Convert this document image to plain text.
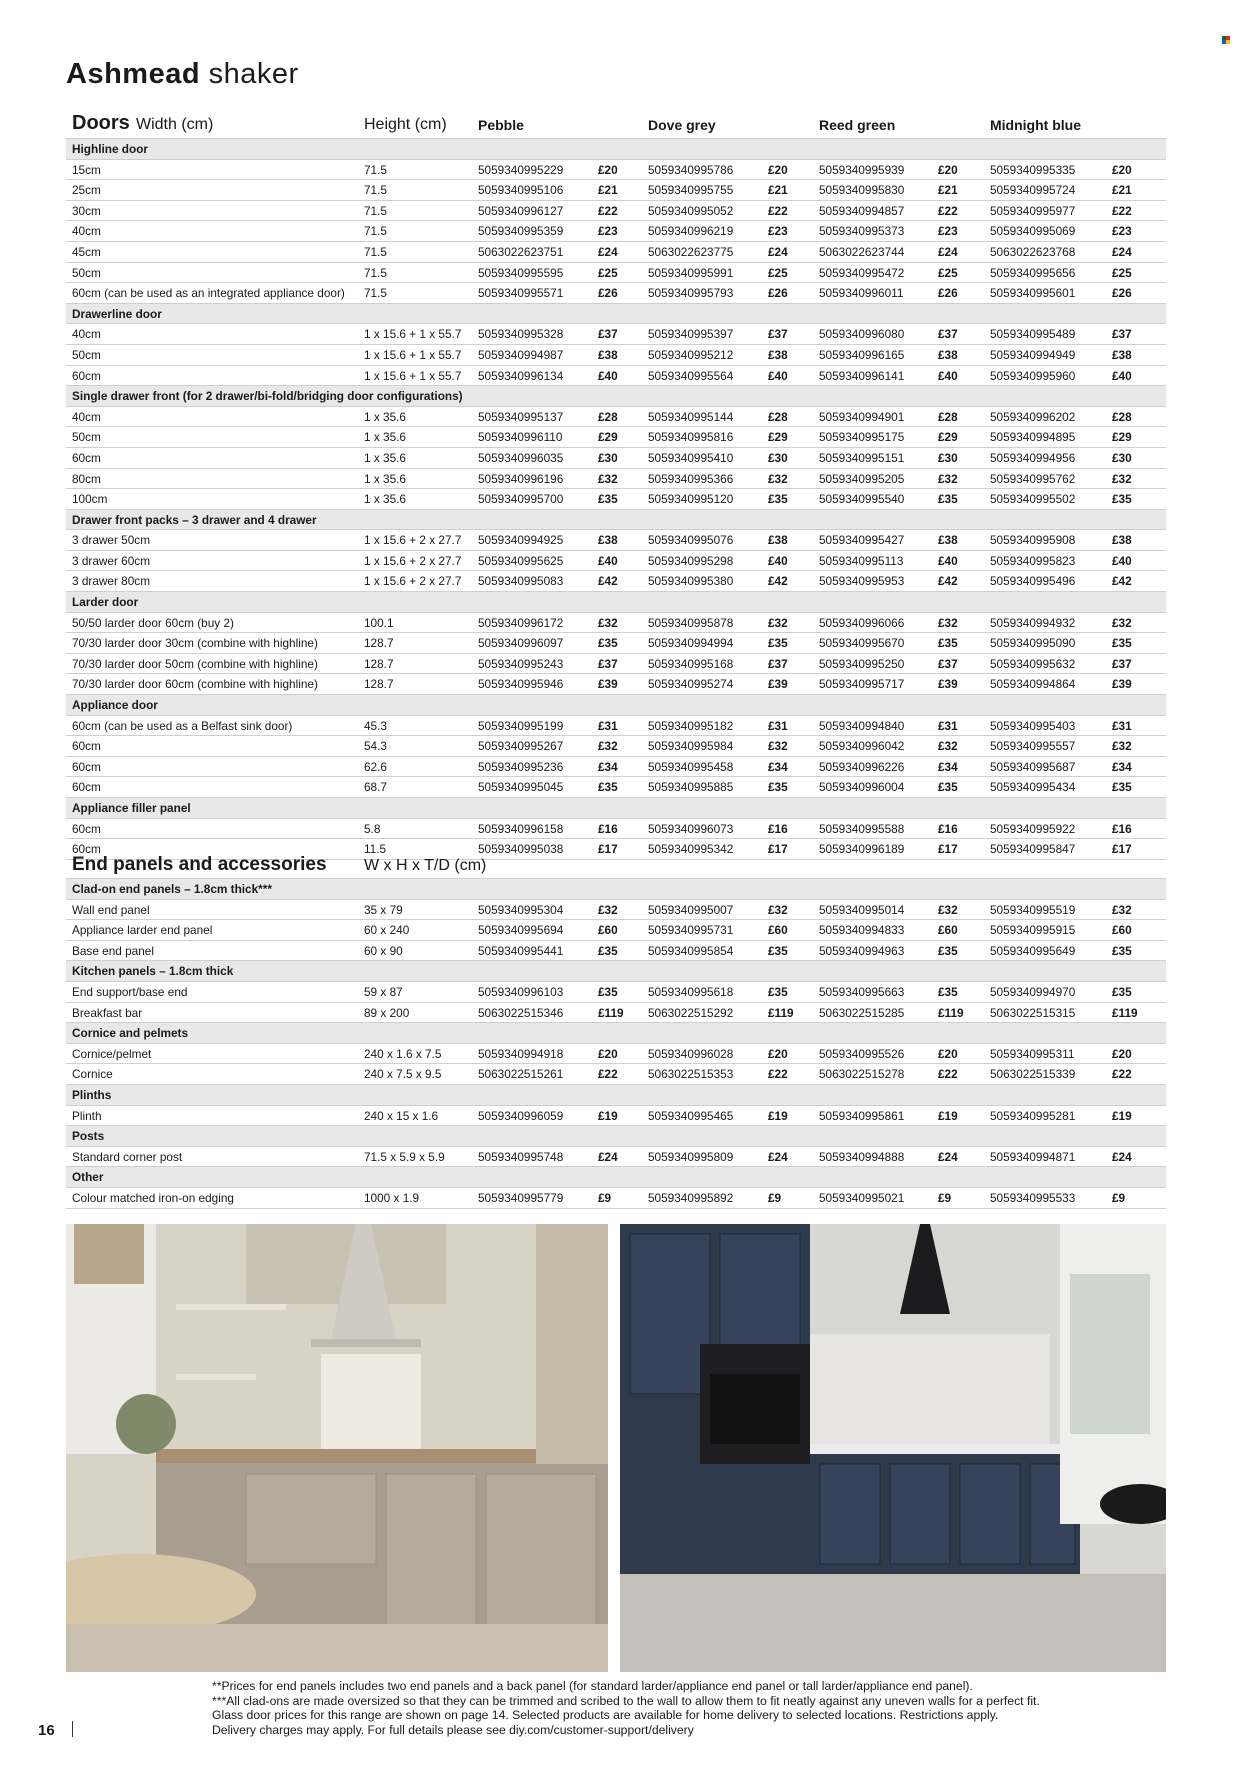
Ashmead shaker
Doors Width (cm)	Height (cm) Pebble	Dove grey	Reed green	Midnight blue
Highline door
15cm	71.5	5059340995229	£20	5059340995786	£20	5059340995939	£20	5059340995335	£20
25cm	71.5	5059340995106	£21	5059340995755	£21	5059340995830	£21	5059340995724	£21
30cm	71.5	5059340996127	£22	5059340995052	£22	5059340994857	£22	5059340995977	£22
40cm	71.5	5059340995359	£23	5059340996219	£23	5059340995373	£23	5059340995069	£23
45cm	71.5	5063022623751	£24	5063022623775	£24	5063022623744	£24	5063022623768	£24
50cm	71.5	5059340995595	£25	5059340995991	£25	5059340995472	£25	5059340995656	£25
60cm (can be used as an integrated appliance door) 71.5	5059340995571	£26	5059340995793	£26	5059340996011	£26	5059340995601	£26
Drawerline door
40cm	1 x 15.6 + 1 x 55.7 5059340995328	£37	5059340995397	£37	5059340996080	£37	5059340995489	£37
50cm	1 x 15.6 + 1 x 55.7 5059340994987	£38	5059340995212	£38	5059340996165	£38	5059340994949	£38
60cm	1 x 15.6 + 1 x 55.7 5059340996134	£40	5059340995564	£40	5059340996141	£40	5059340995960	£40
Single drawer front (for 2 drawer/bi-fold/bridging door configurations)
40cm	1 x 35.6	5059340995137	£28	5059340995144	£28	5059340994901	£28	5059340996202	£28
50cm	1 x 35.6	5059340996110	£29	5059340995816	£29	5059340995175	£29	5059340994895	£29
60cm	1 x 35.6	5059340996035	£30	5059340995410	£30	5059340995151	£30	5059340994956	£30
80cm	1 x 35.6	5059340996196	£32	5059340995366	£32	5059340995205	£32	5059340995762	£32
100cm	1 x 35.6	5059340995700	£35	5059340995120	£35	5059340995540	£35	5059340995502	£35
Drawer front packs – 3 drawer and 4 drawer
3 drawer 50cm	1 x 15.6 + 2 x 27.7 5059340994925	£38	5059340995076	£38	5059340995427	£38	5059340995908	£38
3 drawer 60cm	1 x 15.6 + 2 x 27.7 5059340995625	£40	5059340995298	£40	5059340995113	£40	5059340995823	£40
3 drawer 80cm	1 x 15.6 + 2 x 27.7 5059340995083	£42	5059340995380	£42	5059340995953	£42	5059340995496	£42
Larder door
50/50 larder door 60cm (buy 2)	100.1	5059340996172	£32	5059340995878	£32	5059340996066	£32	5059340994932	£32
70/30 larder door 30cm (combine with highline)	128.7	5059340996097	£35	5059340994994	£35	5059340995670	£35	5059340995090	£35
70/30 larder door 50cm (combine with highline)	128.7	5059340995243	£37	5059340995168	£37	5059340995250	£37	5059340995632	£37
70/30 larder door 60cm (combine with highline)	128.7	5059340995946	£39	5059340995274	£39	5059340995717	£39	5059340994864	£39
Appliance door
60cm (can be used as a Belfast sink door)	45.3	5059340995199	£31	5059340995182	£31	5059340994840	£31	5059340995403	£31
60cm	54.3	5059340995267	£32	5059340995984	£32	5059340996042	£32	5059340995557	£32
60cm	62.6	5059340995236	£34	5059340995458	£34	5059340996226	£34	5059340995687	£34
60cm	68.7	5059340995045	£35	5059340995885	£35	5059340996004	£35	5059340995434	£35
Appliance filler panel
60cm	5.8	5059340996158	£16	5059340996073	£16	5059340995588	£16	5059340995922	£16
60cm	11.5	5059340995038	£17	5059340995342	£17	5059340996189	£17	5059340995847	£17
End panels and accessories W x H x T/D (cm)
Clad-on end panels – 1.8cm thick***
Wall end panel	35 x 79	5059340995304	£32	5059340995007	£32	5059340995014	£32	5059340995519	£32
Appliance larder end panel	60 x 240	5059340995694	£60	5059340995731	£60	5059340994833	£60	5059340995915	£60
Base end panel	60 x 90	5059340995441	£35	5059340995854	£35	5059340994963	£35	5059340995649	£35
Kitchen panels – 1.8cm thick
End support/base end	59 x 87	5059340996103	£35	5059340995618	£35	5059340995663	£35	5059340994970	£35
Breakfast bar	89 x 200	5063022515346	£119 5063022515292	£119 5063022515285	£119 5063022515315	£119
Cornice and pelmets
Cornice/pelmet	240 x 1.6 x 7.5	5059340994918	£20	5059340996028	£20	5059340995526	£20	5059340995311	£20
Cornice	240 x 7.5 x 9.5	5063022515261	£22	5063022515353	£22	5063022515278	£22	5063022515339	£22
Plinths
Plinth	240 x 15 x 1.6	5059340996059	£19	5059340995465	£19	5059340995861	£19	5059340995281	£19
Posts
Standard corner post	71.5 x 5.9 x 5.9	5059340995748	£24	5059340995809	£24	5059340994888	£24	5059340994871	£24
Other
Colour matched iron-on edging	1000 x 1.9	5059340995779	£9	5059340995892	£9	5059340995021	£9	5059340995533	£9
**Prices for end panels includes two end panels and a back panel (for standard larder/appliance end panel or tall larder/appliance end panel).
***All clad-ons are made oversized so that they can be trimmed and scribed to the wall to allow them to fit neatly against any uneven walls for a perfect fit.
Glass door prices for this range are shown on page 14. Selected products are available for home delivery to selected locations. Restrictions apply.
Delivery charges may apply. For full details please see diy.com/customer-support/delivery
16
